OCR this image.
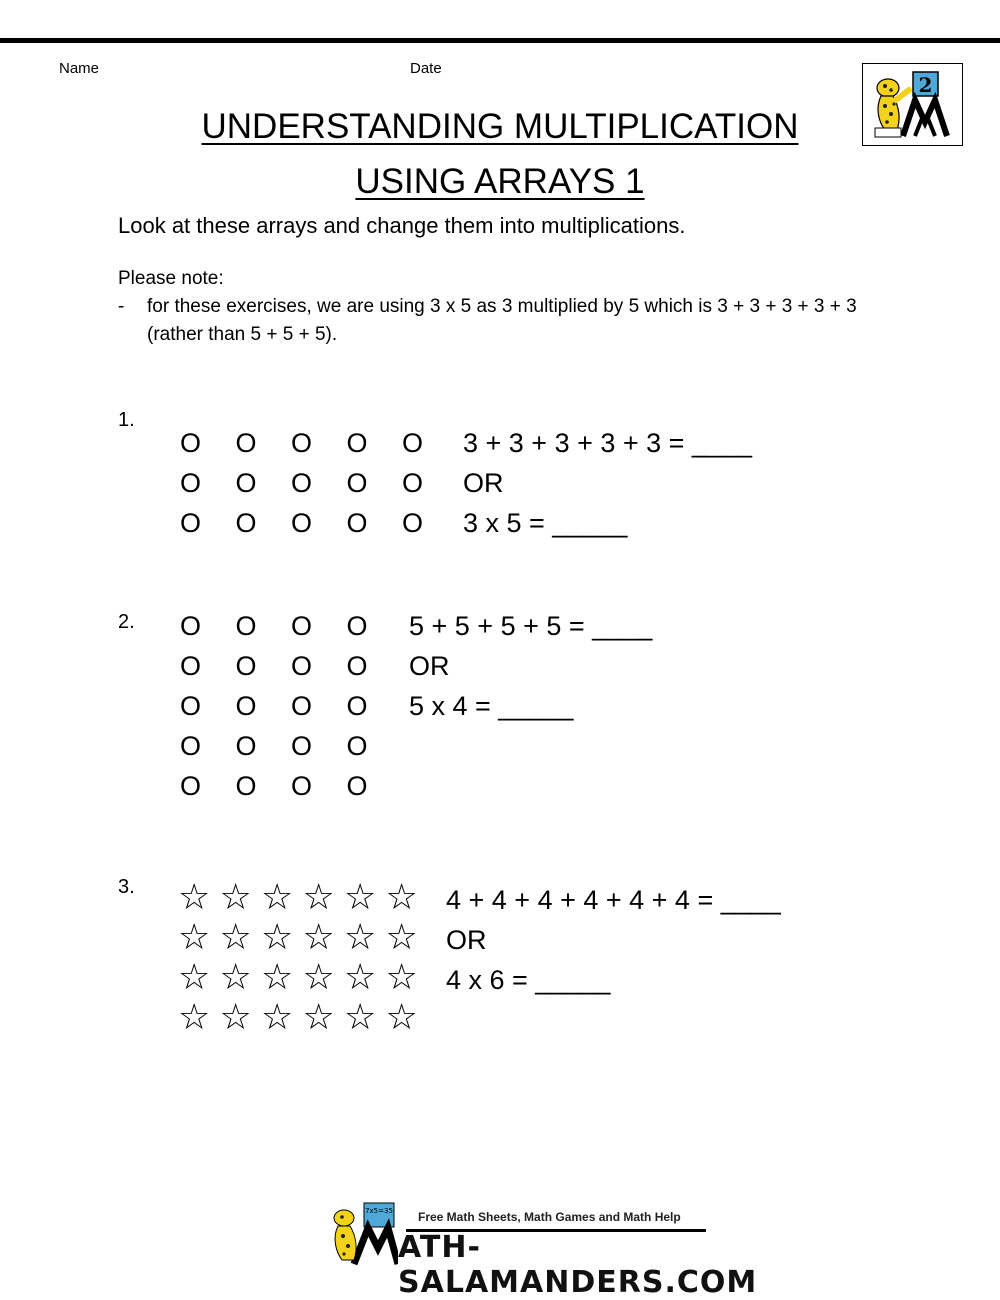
Name	Date
2
UNDERSTANDING MULTIPLICATION
USING ARRAYS 1
Look at these arrays and change them into multiplications.
Please note:
- for these exercises, we are using 3 x 5 as 3 multiplied by 5 which is 3 + 3 + 3 + 3 + 3
(rather than 5 + 5 + 5).
1.
O O O O O
O O O O O
O O O O O
3 + 3 + 3 + 3 + 3 = ____
OR
3 x 5 = _____
2. O O O O
O O O O
O O O O
O O O O
O O O O
5 + 5 + 5 + 5 = ____
OR
5 x 4 = _____
3. ☆ ☆ ☆ ☆ ☆ ☆
☆ ☆ ☆ ☆ ☆ ☆
☆ ☆ ☆ ☆ ☆ ☆
☆ ☆ ☆ ☆ ☆ ☆
4 + 4 + 4 + 4 + 4 + 4 = ____
OR
4 x 6 = _____
7x5=35 Free Math Sheets, Math Games and Math Help
ATH-SALAMANDERS.COM
